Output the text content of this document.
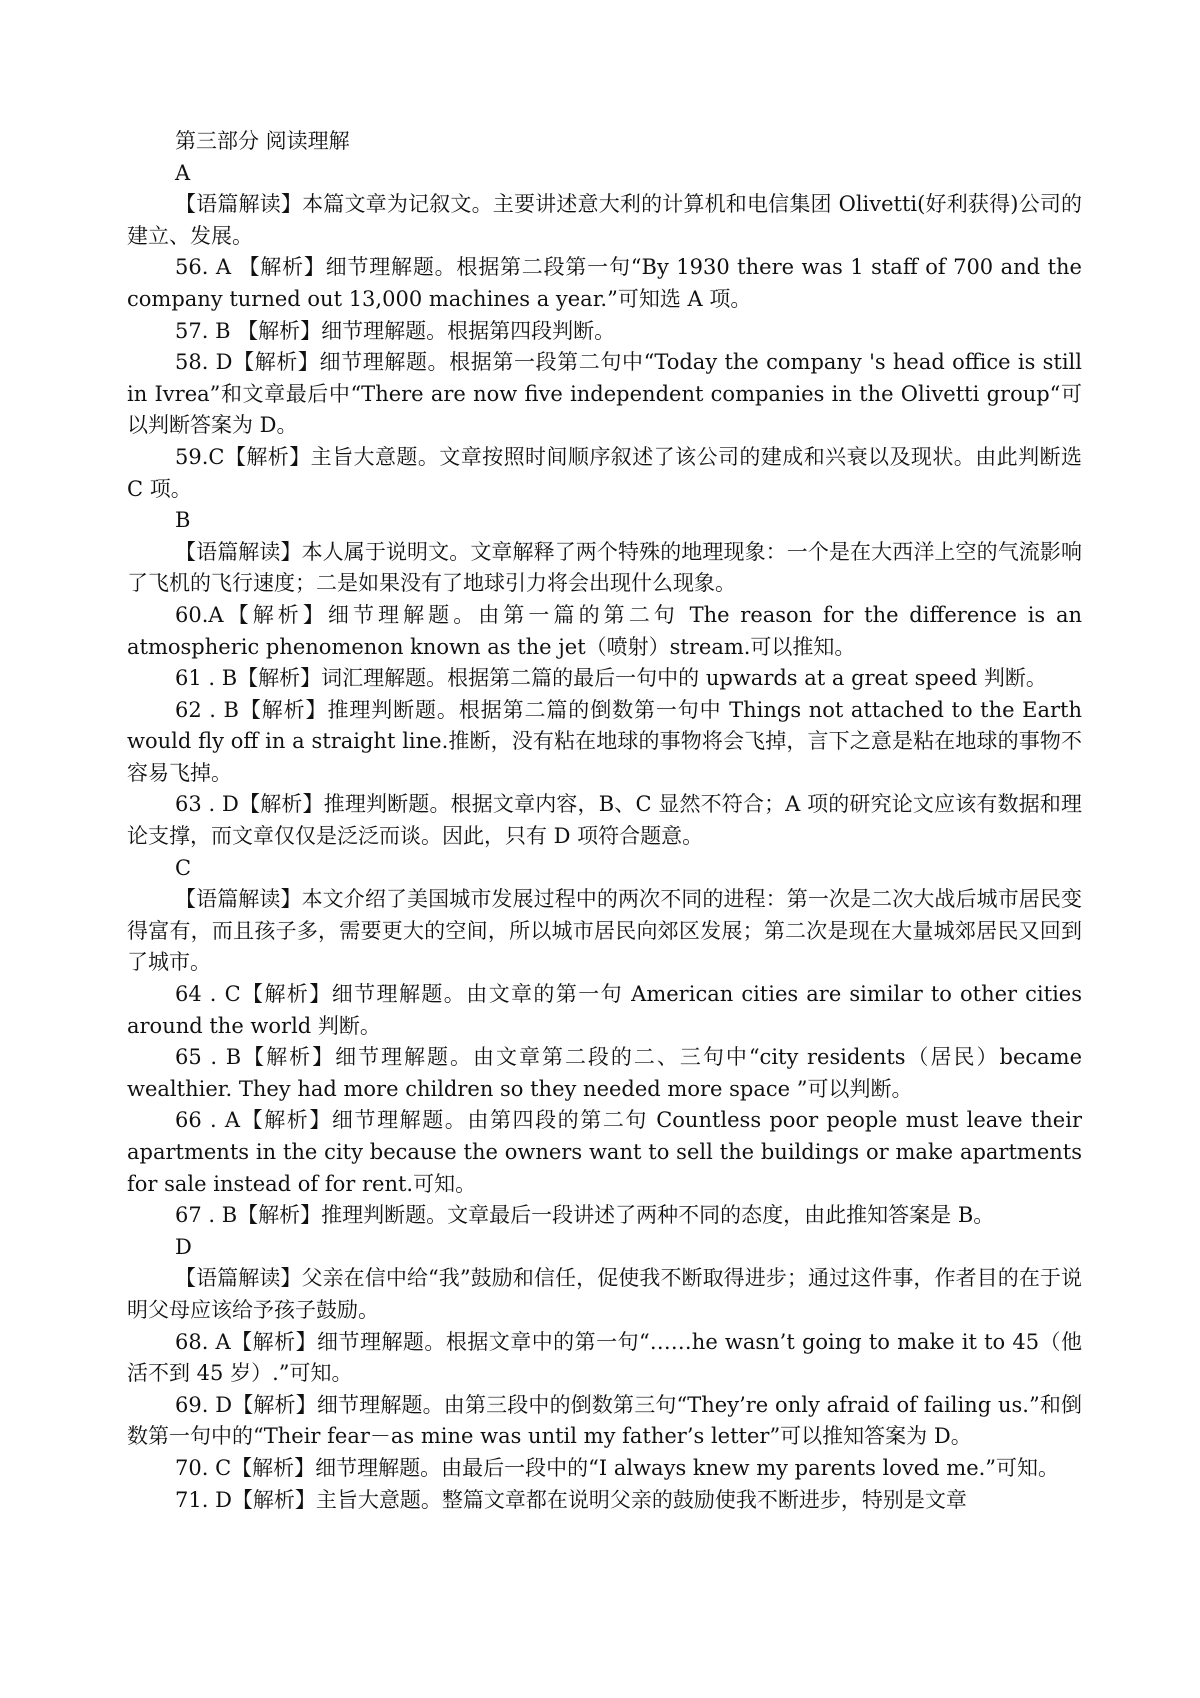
第三部分 阅读理解
A

【语篇解读】本篇文章为记叙文。主要讲述意大利的计算机和电信集团 Olivetti(好利获得)公司的建立、发展。

56. A 【解析】细节理解题。根据第二段第一句“By 1930 there was 1 staff of 700 and the company turned out 13,000 machines a year.”可知选 A 项。

57. B 【解析】细节理解题。根据第四段判断。

58. D【解析】细节理解题。根据第一段第二句中“Today the company 's head office is still in Ivrea”和文章最后中“There are now five independent companies in the Olivetti group“可以判断答案为 D。

59.C【解析】主旨大意题。文章按照时间顺序叙述了该公司的建成和兴衰以及现状。由此判断选 C 项。

B

【语篇解读】本人属于说明文。文章解释了两个特殊的地理现象：一个是在大西洋上空的气流影响了飞机的飞行速度；二是如果没有了地球引力将会出现什么现象。

60.A【解析】细节理解题。由第一篇的第二句 The reason for the difference is an atmospheric phenomenon known as the jet（喷射）stream.可以推知。

61 . B【解析】词汇理解题。根据第二篇的最后一句中的 upwards at a great speed 判断。

62 . B【解析】推理判断题。根据第二篇的倒数第一句中 Things not attached to the Earth would fly off in a straight line.推断，没有粘在地球的事物将会飞掉，言下之意是粘在地球的事物不容易飞掉。

63 . D【解析】推理判断题。根据文章内容，B、C 显然不符合；A 项的研究论文应该有数据和理论支撑，而文章仅仅是泛泛而谈。因此，只有 D 项符合题意。

C

【语篇解读】本文介绍了美国城市发展过程中的两次不同的进程：第一次是二次大战后城市居民变得富有，而且孩子多，需要更大的空间，所以城市居民向郊区发展；第二次是现在大量城郊居民又回到了城市。

64 . C【解析】细节理解题。由文章的第一句 American cities are similar to other cities around the world 判断。

65 . B【解析】细节理解题。由文章第二段的二、三句中“city residents（居民）became wealthier. They had more children so they needed more space ”可以判断。

66 . A【解析】细节理解题。由第四段的第二句 Countless poor people must leave their apartments in the city because the owners want to sell the buildings or make apartments for sale instead of for rent.可知。

67 . B【解析】推理判断题。文章最后一段讲述了两种不同的态度，由此推知答案是 B。

D

【语篇解读】父亲在信中给“我”鼓励和信任，促使我不断取得进步；通过这件事，作者目的在于说明父母应该给予孩子鼓励。

68. A【解析】细节理解题。根据文章中的第一句“……he wasn’t going to make it to 45（他活不到 45 岁）.”可知。

69. D【解析】细节理解题。由第三段中的倒数第三句“They’re only afraid of failing us.”和倒数第一句中的“Their fear－as mine was until my father’s letter”可以推知答案为 D。

70. C【解析】细节理解题。由最后一段中的“I always knew my parents loved me.”可知。

71. D【解析】主旨大意题。整篇文章都在说明父亲的鼓励使我不断进步，特别是文章
